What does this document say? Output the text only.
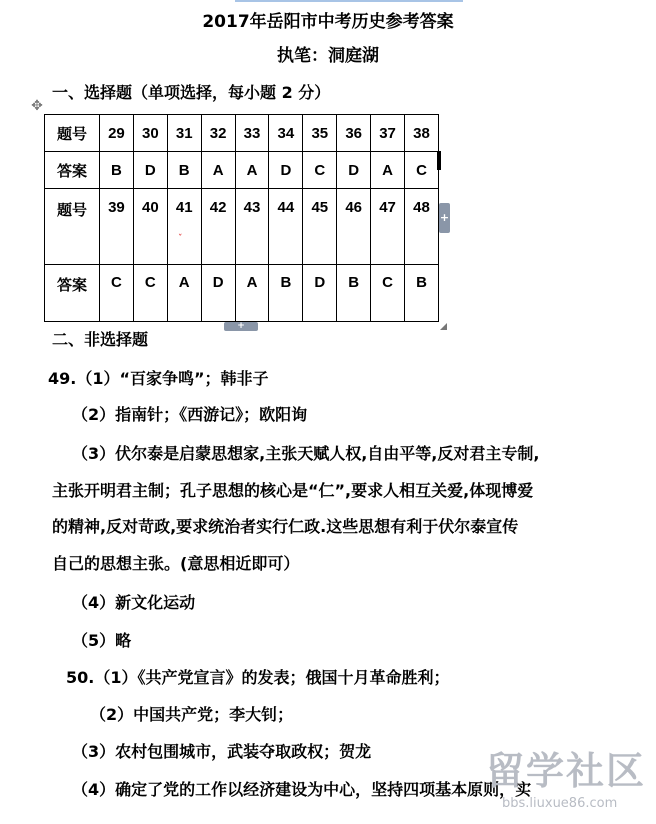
2017年岳阳市中考历史参考答案
执笔：洞庭湖
一、选择题（单项选择，每小题 2 分）
✥
题号	29	30	31	32	33	34	35	36	37	38
答案	B	D	B	A	A	D	C	D	A	C
题号	39	40	41	42	43	44	45	46	47	48
答案	C	C	A	D	A	B	D	B	C	B
ˇ
+
+
二、非选择题
49.（1）“百家争鸣”；韩非子
（2）指南针；《西游记》；欧阳询
（3）伏尔泰是启蒙思想家,主张天赋人权,自由平等,反对君主专制,
主张开明君主制；孔子思想的核心是“仁”,要求人相互关爱,体现博爱
的精神,反对苛政,要求统治者实行仁政.这些思想有利于伏尔泰宣传
自己的思想主张。(意思相近即可）
（4）新文化运动
（5）略
50.（1）《共产党宣言》的发表；俄国十月革命胜利；
（2）中国共产党；李大钊；
（3）农村包围城市，武装夺取政权；贺龙
（4）确定了党的工作以经济建设为中心，坚持四项基本原则，实
留学社区
bbs.liuxue86.com
